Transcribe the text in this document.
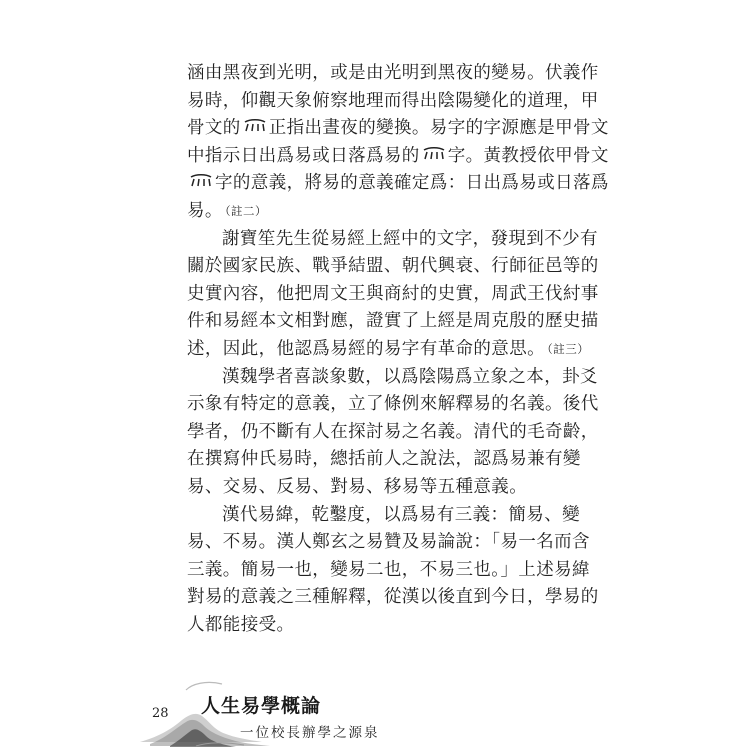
涵由黑夜到光明，或是由光明到黑夜的變易。伏義作
易時，仰觀天象俯察地理而得出陰陽變化的道理，甲
骨文的 正指出晝夜的變換。易字的字源應是甲骨文
中指示日出爲易或日落爲易的 字。黃教授依甲骨文
字的意義，將易的意義確定爲：日出爲易或日落爲
易。 （註二）
謝寶笙先生從易經上經中的文字，發現到不少有
關於國家民族、戰爭結盟、朝代興衰、行師征邑等的
史實內容，他把周文王與商紂的史實，周武王伐紂事
件和易經本文相對應，證實了上經是周克殷的歷史描
述，因此，他認爲易經的易字有革命的意思。 （註三）
漢魏學者喜談象數，以爲陰陽爲立象之本，卦爻
示象有特定的意義，立了條例來解釋易的名義。後代
學者，仍不斷有人在探討易之名義。清代的毛奇齡，
在撰寫仲氏易時，總括前人之說法，認爲易兼有變
易、交易、反易、對易、移易等五種意義。
漢代易緯，乾鑿度，以爲易有三義：簡易、變
易、不易。漢人鄭玄之易贊及易論說：「易一名而含
三義。簡易一也，變易二也，不易三也。」上述易緯
對易的意義之三種解釋，從漢以後直到今日，學易的
人都能接受。
28 人生易學概論
一位校長辦學之源泉
